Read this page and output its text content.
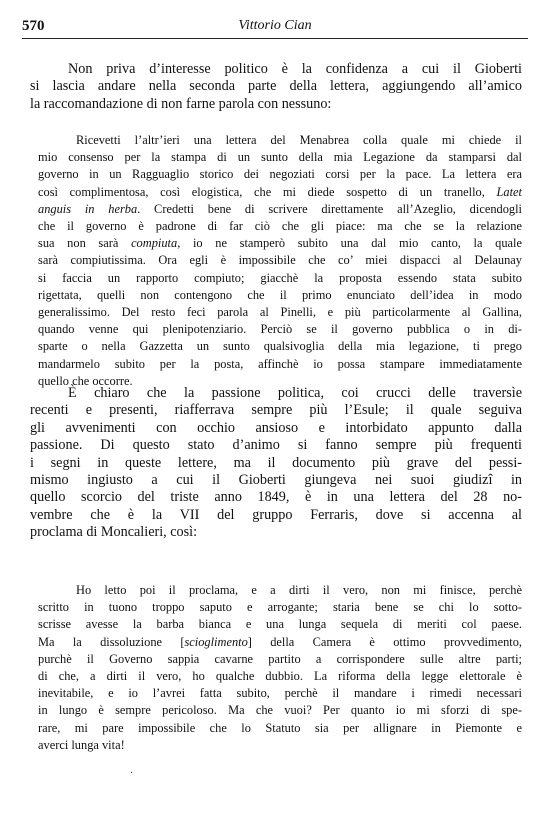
570	Vittorio Cian
Non priva d’interesse politico è la confidenza a cui il Gioberti
si lascia andare nella seconda parte della lettera, aggiungendo all’amico
la raccomandazione di non farne parola con nessuno:
Ricevetti l’altr’ieri una lettera del Menabrea colla quale mi chiede il
mio consenso per la stampa di un sunto della mia Legazione da stamparsi dal
governo in un Ragguaglio storico dei negoziati corsi per la pace. La lettera era
così complimentosa, così elogistica, che mi diede sospetto di un tranello, Latet
anguis in herba. Credetti bene di scrivere direttamente all’Azeglio, dicendogli
che il governo è padrone di far ciò che gli piace: ma che se la relazione
sua non sarà compiuta, io ne stamperò subito una dal mio canto, la quale
sarà compiutissima. Ora egli è impossibile che co’ miei dispacci al Delaunay
si faccia un rapporto compiuto; giacchè la proposta essendo stata subito
rigettata, quelli non contengono che il primo enunciato dell’idea in modo
generalissimo. Del resto feci parola al Pinelli, e più particolarmente al Gallina,
quando venne qui plenipotenziario. Perciò se il governo pubblica o in di-
sparte o nella Gazzetta un sunto qualsivoglia della mia legazione, ti prego
mandarmelo subito per la posta, affinchè io possa stampare immediatamente
quello che occorre.
È chiaro che la passione politica, coi crucci delle traversìe
recenti e presenti, riafferrava sempre più l’Esule; il quale seguiva
gli avvenimenti con occhio ansioso e intorbidato appunto dalla
passione. Di questo stato d’animo si fanno sempre più frequenti
i segni in queste lettere, ma il documento più grave del pessi-
mismo ingiusto a cui il Gioberti giungeva nei suoi giudizî in
quello scorcio del triste anno 1849, è in una lettera del 28 no-
vembre che è la VII del gruppo Ferraris, dove si accenna al
proclama di Moncalieri, così:
Ho letto poi il proclama, e a dirti il vero, non mi finisce, perchè
scritto in tuono troppo saputo e arrogante; staria bene se chi lo sotto-
scrisse avesse la barba bianca e una lunga sequela di meriti col paese.
Ma la dissoluzione [scioglimento] della Camera è ottimo provvedimento,
purchè il Governo sappia cavarne partito a corrispondere sulle altre parti;
di che, a dirti il vero, ho qualche dubbio. La riforma della legge elettorale è
inevitabile, e io l’avrei fatta subito, perchè il mandare i rimedi necessari
in lungo è sempre pericoloso. Ma che vuoi? Per quanto io mi sforzi di spe-
rare, mi pare impossibile che lo Statuto sia per allignare in Piemonte e
averci lunga vita!
·
